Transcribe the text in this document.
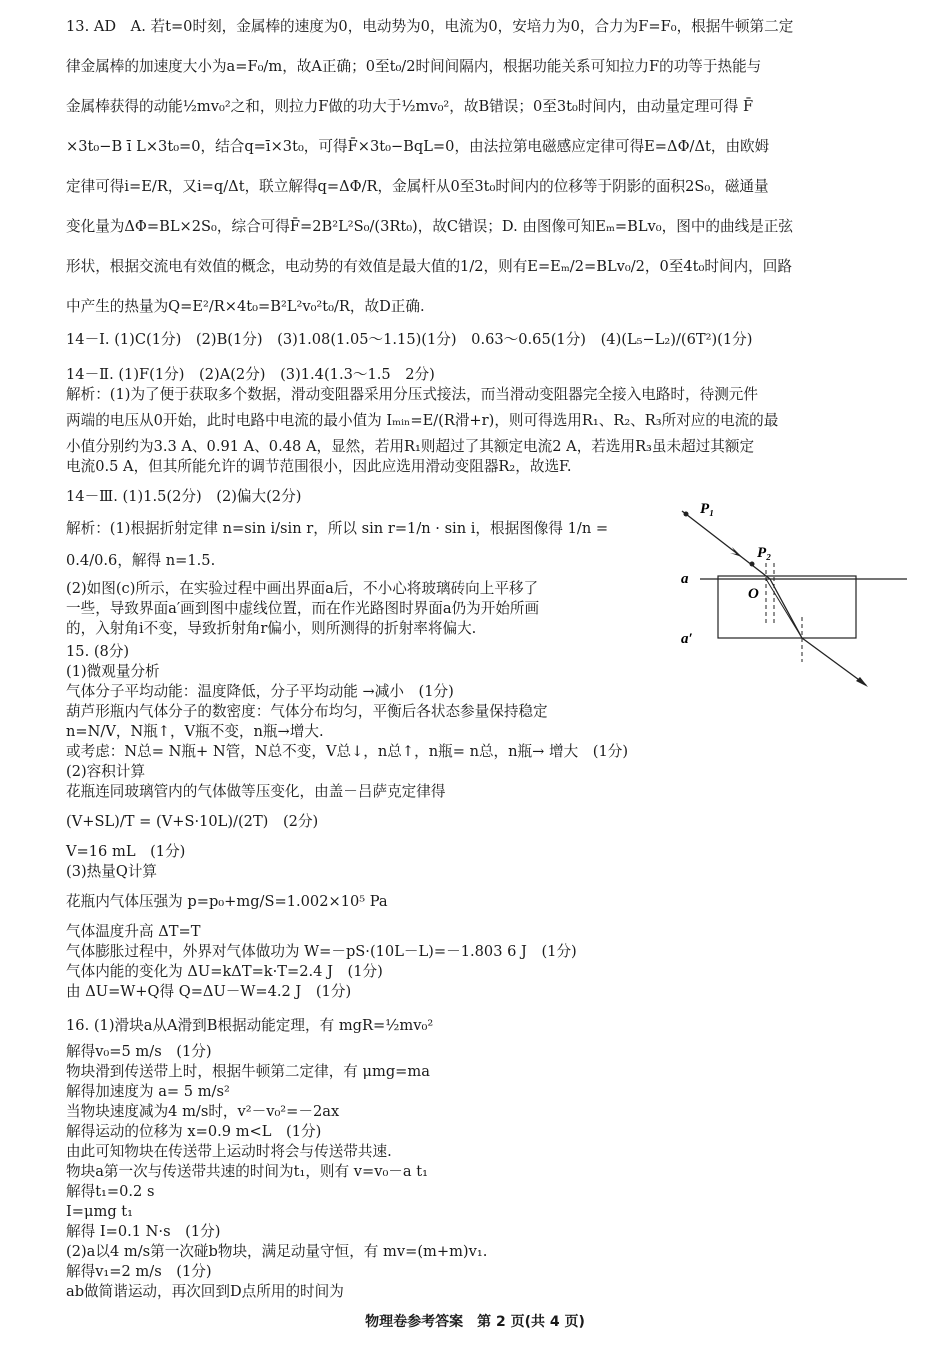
13. AD　A. 若t=0时刻，金属棒的速度为0，电动势为0，电流为0，安培力为0，合力为F=F₀，根据牛顿第二定
律金属棒的加速度大小为a=F₀/m，故A正确；0至t₀/2时间间隔内，根据功能关系可知拉力F的功等于热能与
金属棒获得的动能½mv₀²之和，则拉力F做的功大于½mv₀²，故B错误；0至3t₀时间内，由动量定理可得 F̄
×3t₀−B ī L×3t₀=0，结合q=ī×3t₀，可得F̄×3t₀−BqL=0，由法拉第电磁感应定律可得E=ΔΦ/Δt，由欧姆
定律可得i=E/R，又i=q/Δt，联立解得q=ΔΦ/R，金属杆从0至3t₀时间内的位移等于阴影的面积2S₀，磁通量
变化量为ΔΦ=BL×2S₀，综合可得F̄=2B²L²S₀/(3Rt₀)，故C错误；D. 由图像可知Eₘ=BLv₀，图中的曲线是正弦
形状，根据交流电有效值的概念，电动势的有效值是最大值的1/2，则有E=Eₘ/2=BLv₀/2，0至4t₀时间内，回路
中产生的热量为Q=E²/R×4t₀=B²L²v₀²t₀/R，故D正确.
14－Ⅰ. (1)C(1分)　(2)B(1分)　(3)1.08(1.05～1.15)(1分)　0.63～0.65(1分)　(4)(L₅−L₂)/(6T²)(1分)
14－Ⅱ. (1)F(1分)　(2)A(2分)　(3)1.4(1.3～1.5　2分)
解析：(1)为了便于获取多个数据，滑动变阻器采用分压式接法，而当滑动变阻器完全接入电路时，待测元件
两端的电压从0开始，此时电路中电流的最小值为 Iₘᵢₙ=E/(R滑+r)，则可得选用R₁、R₂、R₃所对应的电流的最
小值分别约为3.3 A、0.91 A、0.48 A，显然，若用R₁则超过了其额定电流2 A，若选用R₃虽未超过其额定
电流0.5 A，但其所能允许的调节范围很小，因此应选用滑动变阻器R₂，故选F.
14－Ⅲ. (1)1.5(2分)　(2)偏大(2分)
解析：(1)根据折射定律 n=sin i/sin r，所以 sin r=1/n · sin i，根据图像得 1/n =
0.4/0.6，解得 n=1.5.
(2)如图(c)所示，在实验过程中画出界面a后，不小心将玻璃砖向上平移了
一些，导致界面a′画到图中虚线位置，而在作光路图时界面a仍为开始所画
的，入射角i不变，导致折射角r偏小，则所测得的折射率将偏大.
P₁
P₂
a
O
a′
15. (8分)
(1)微观量分析
气体分子平均动能：温度降低，分子平均动能 →减小　(1分)
葫芦形瓶内气体分子的数密度：气体分布均匀，平衡后各状态参量保持稳定
n=N/V，N瓶↑，V瓶不变，n瓶→增大.
或考虑：N总= N瓶+ N管，N总不变，V总↓，n总↑，n瓶= n总，n瓶→ 增大　(1分)
(2)容积计算
花瓶连同玻璃管内的气体做等压变化，由盖－吕萨克定律得
(V+SL)/T = (V+S·10L)/(2T)　(2分)
V=16 mL　(1分)
(3)热量Q计算
花瓶内气体压强为 p=p₀+mg/S=1.002×10⁵ Pa
气体温度升高 ΔT=T
气体膨胀过程中，外界对气体做功为 W=－pS·(10L－L)=－1.803 6 J　(1分)
气体内能的变化为 ΔU=kΔT=k·T=2.4 J　(1分)
由 ΔU=W+Q得 Q=ΔU－W=4.2 J　(1分)
16. (1)滑块a从A滑到B根据动能定理，有 mgR=½mv₀²
解得v₀=5 m/s　(1分)
物块滑到传送带上时，根据牛顿第二定律，有 μmg=ma
解得加速度为 a= 5 m/s²
当物块速度减为4 m/s时，v²－v₀²=－2ax
解得运动的位移为 x=0.9 m<L　(1分)
由此可知物块在传送带上运动时将会与传送带共速.
物块a第一次与传送带共速的时间为t₁，则有 v=v₀－a t₁
解得t₁=0.2 s
I=μmg t₁
解得 I=0.1 N·s　(1分)
(2)a以4 m/s第一次碰b物块，满足动量守恒，有 mv=(m+m)v₁.
解得v₁=2 m/s　(1分)
ab做简谐运动，再次回到D点所用的时间为
物理卷参考答案　第 2 页(共 4 页)
